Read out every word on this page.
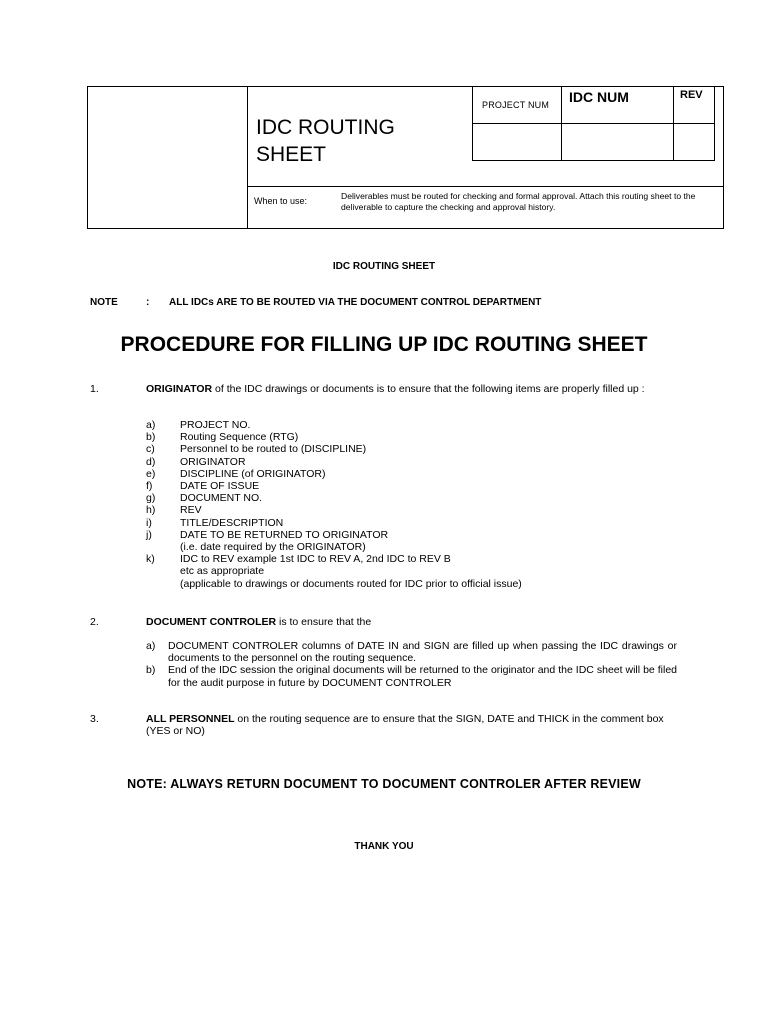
IDC ROUTING
SHEET
PROJECT NUM	IDC NUM	REV

When to use:	Deliverables must be routed for checking and formal approval. Attach this routing sheet to the deliverable to capture the checking and approval history.
IDC ROUTING SHEET
NOTE	: ALL IDCs ARE TO BE ROUTED VIA THE DOCUMENT CONTROL DEPARTMENT
PROCEDURE FOR FILLING UP IDC ROUTING SHEET
1.	ORIGINATOR of the IDC drawings or documents is to ensure that the following items are properly filled up :
a) PROJECT NO.
b) Routing Sequence (RTG)
c) Personnel to be routed to (DISCIPLINE)
d) ORIGINATOR
e) DISCIPLINE (of ORIGINATOR)
f)	DATE OF ISSUE
g) DOCUMENT NO.
h) REV
i)	TITLE/DESCRIPTION
j)	DATE TO BE RETURNED TO ORIGINATOR
(i.e. date required by the ORIGINATOR)
k) IDC to REV example 1st IDC to REV A, 2nd IDC to REV B
etc as appropriate
(applicable to drawings or documents routed for IDC prior to official issue)
2.	DOCUMENT CONTROLER is to ensure that the
a) DOCUMENT CONTROLER columns of DATE IN and SIGN are filled up when passing the IDC drawings or documents to the personnel on the routing sequence.
b) End of the IDC session the original documents will be returned to the originator and the IDC sheet will be filed for the audit purpose in future by DOCUMENT CONTROLER
3.	ALL PERSONNEL on the routing sequence are to ensure that the SIGN, DATE and THICK in the comment box (YES or NO)
NOTE: ALWAYS RETURN DOCUMENT TO DOCUMENT CONTROLER AFTER REVIEW
THANK YOU
